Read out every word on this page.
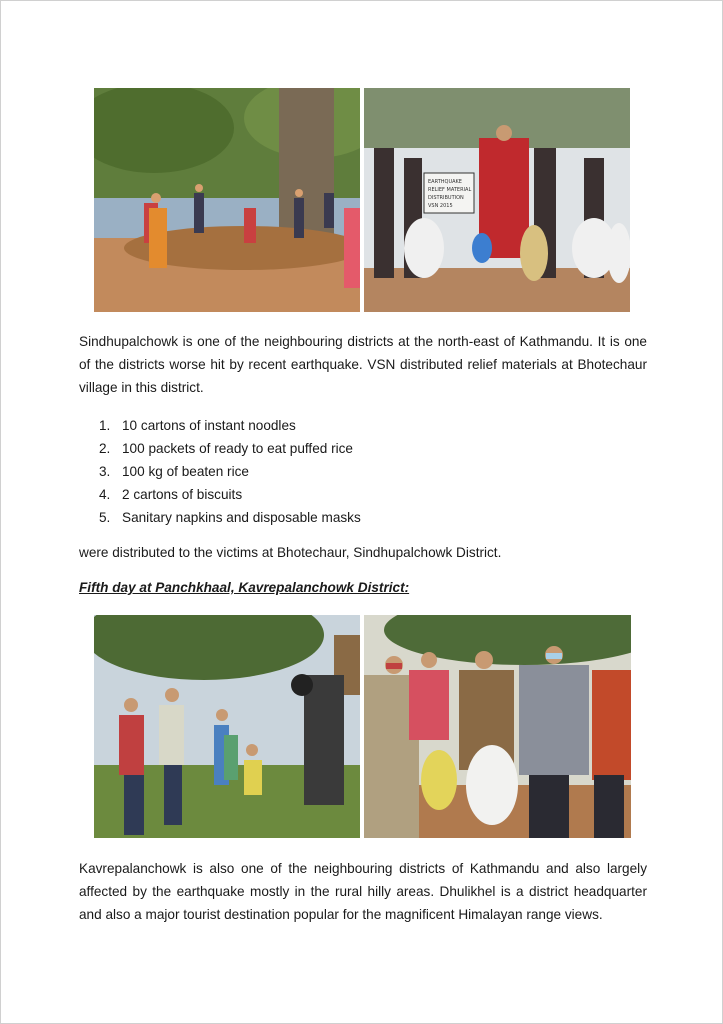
EARTHQUAKE
RELIEF MATERIAL
DISTRIBUTION
VSN 2015
Sindhupalchowk is one of the neighbouring districts at the north-east of Kathmandu. It is one of the districts worse hit by recent earthquake. VSN distributed relief materials at Bhotechaur village in this district.
1. 10 cartons of instant noodles
2. 100 packets of ready to eat puffed rice
3. 100 kg of beaten rice
4. 2 cartons of biscuits
5. Sanitary napkins and disposable masks
were distributed to the victims at Bhotechaur, Sindhupalchowk District.
Fifth day at Panchkhaal, Kavrepalanchowk District:
Kavrepalanchowk is also one of the neighbouring districts of Kathmandu and also largely affected by the earthquake mostly in the rural hilly areas. Dhulikhel is a district headquarter and also a major tourist destination popular for the magnificent Himalayan range views.
